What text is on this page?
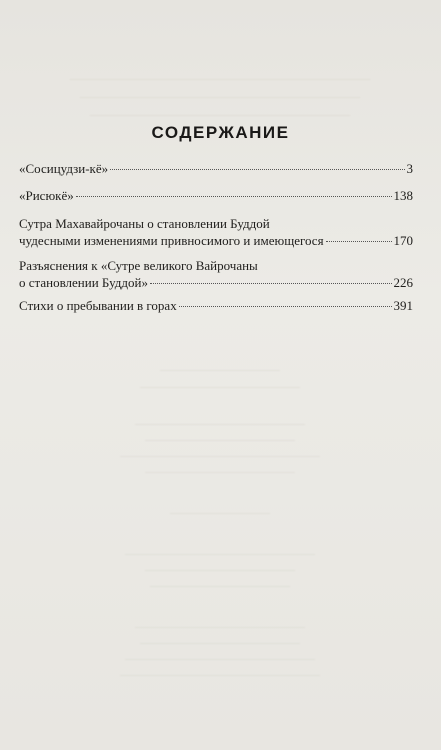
СОДЕРЖАНИЕ
«Сосицудзи-кё»	3
«Рисюкё»	138
Сутра Махавайрочаны о становлении Буддой
чудесными изменениями привносимого и имеющегося	170
Разъяснения к «Сутре великого Вайрочаны
о становлении Буддой»	226
Стихи о пребывании в горах	391
